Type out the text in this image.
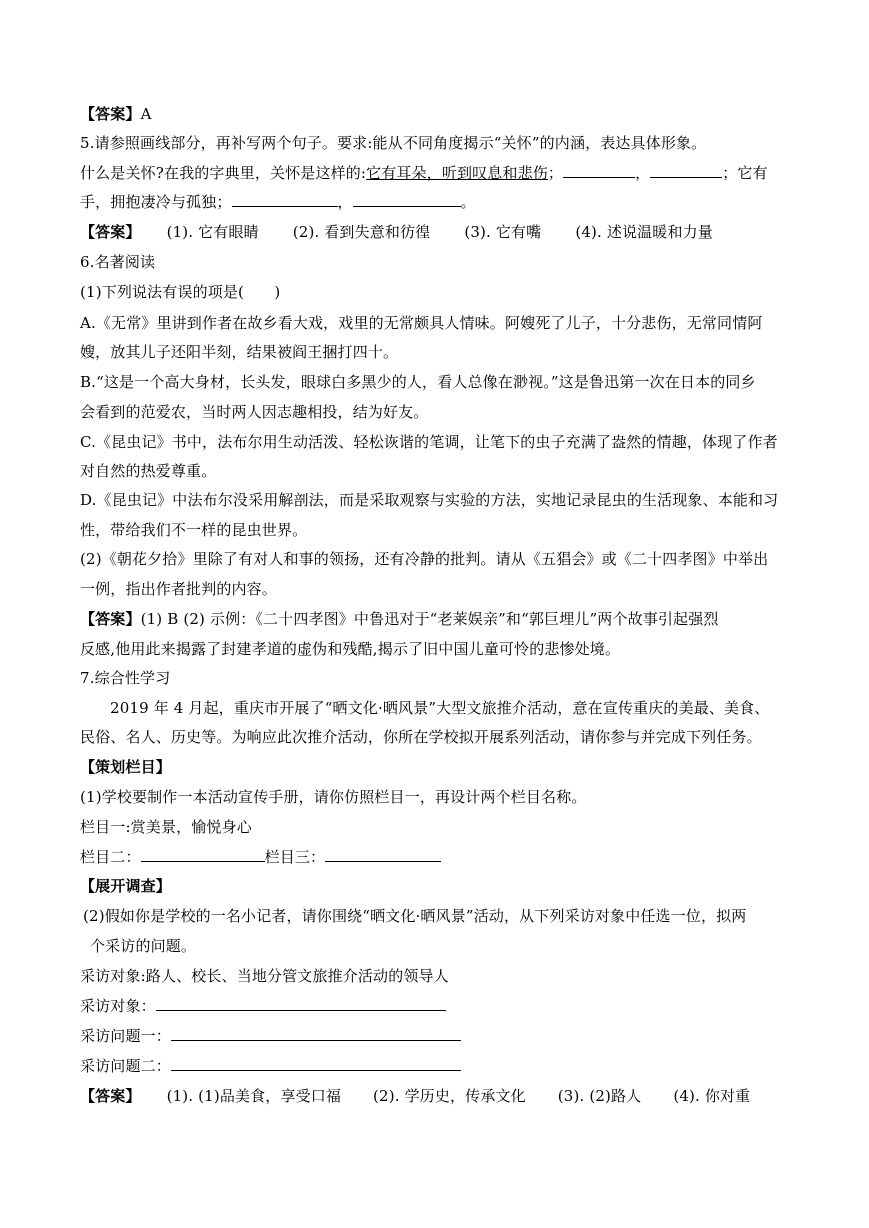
【答案】A
5.请参照画线部分，再补写两个句子。要求:能从不同角度揭示“关怀”的内涵，表达具体形象。
什么是关怀?在我的字典里，关怀是这样的:它有耳朵，听到叹息和悲伤；	，	；它有
手，拥抱凄冷与孤独；	，	。
【答案】 (1). 它有眼睛 (2). 看到失意和彷徨 (3). 它有嘴 (4). 述说温暖和力量
6.名著阅读
(1)下列说法有误的项是(　　)
A.《无常》里讲到作者在故乡看大戏，戏里的无常颇具人情味。阿嫂死了儿子，十分悲伤，无常同情阿
嫂，放其儿子还阳半刻，结果被阎王捆打四十。
B.“这是一个高大身材，长头发，眼球白多黑少的人，看人总像在渺视。”这是鲁迅第一次在日本的同乡
会看到的范爱农，当时两人因志趣相投，结为好友。
C.《昆虫记》书中，法布尔用生动活泼、轻松诙谐的笔调，让笔下的虫子充满了盎然的情趣，体现了作者
对自然的热爱尊重。
D.《昆虫记》中法布尔没采用解剖法，而是采取观察与实验的方法，实地记录昆虫的生活现象、本能和习
性，带给我们不一样的昆虫世界。
(2)《朝花夕拾》里除了有对人和事的领扬，还有冷静的批判。请从《五猖会》或《二十四孝图》中举出
一例，指出作者批判的内容。
【答案】(1) B (2) 示例：《二十四孝图》中鲁迅对于“老莱娱亲”和“郭巨埋儿”两个故事引起强烈
反感,他用此来揭露了封建孝道的虚伪和残酷,揭示了旧中国儿童可怜的悲惨处境。
7.综合性学习
2019 年 4 月起，重庆市开展了“晒文化·晒风景”大型文旅推介活动，意在宣传重庆的美最、美食、
民俗、名人、历史等。为响应此次推介活动，你所在学校拟开展系列活动，请你参与并完成下列任务。
【策划栏目】
(1)学校要制作一本活动宣传手册，请你仿照栏目一，再设计两个栏目名称。
栏目一:赏美景，愉悦身心
栏目二：	栏目三：
【展开调查】
(2)假如你是学校的一名小记者，请你围绕“晒文化·晒风景”活动，从下列采访对象中任选一位，拟两
个采访的问题。
采访对象:路人、校长、当地分管文旅推介活动的领导人
采访对象：
采访问题一：
采访问题二：
【答案】 (1). (1)品美食，享受口福 (2). 学历史，传承文化 (3). (2)路人 (4). 你对重
